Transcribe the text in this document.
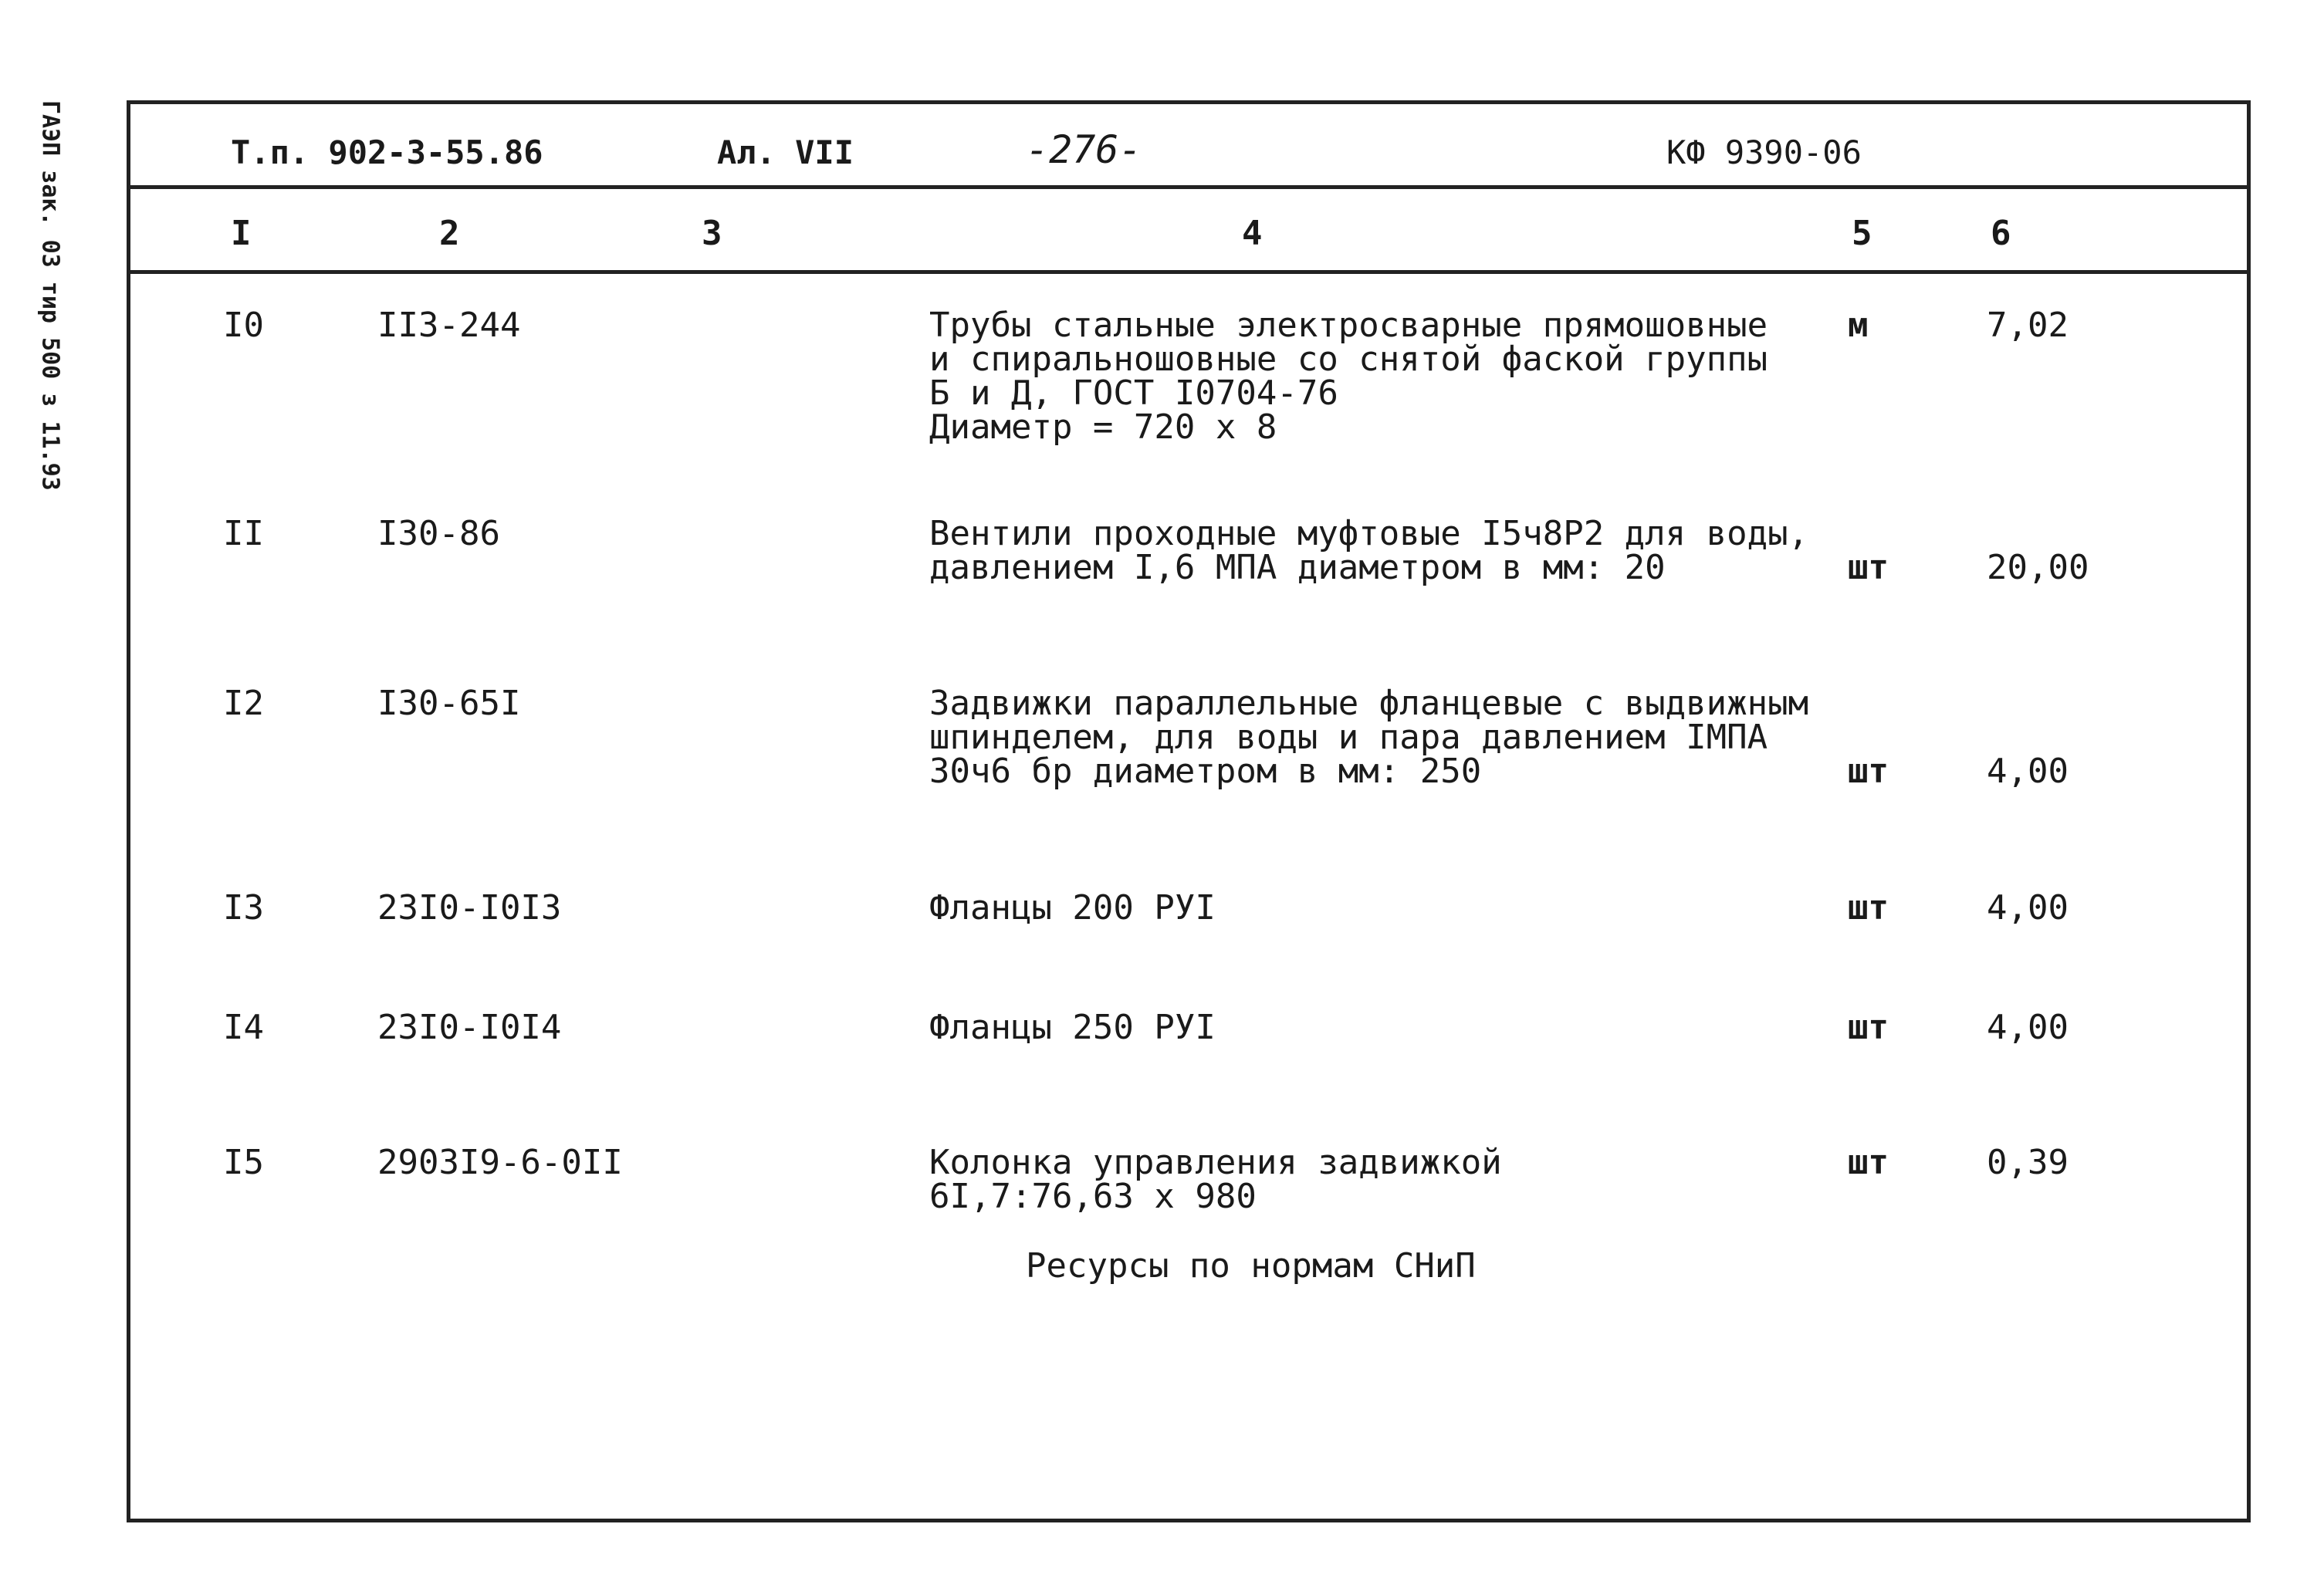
ГАЭП зак. 03 тир 500 з 11.93	Т.п. 902-3-55.86	Ал. VII	-276-	КФ 9390-06
I	2	3	4	5	6
I0	II3-244	Трубы стальные электросварные прямошовные
и спиральношовные со снятой фаской группы
Б и Д, ГОСТ I0704-76
Диаметр = 720 х 8
м	7,02
II	I30-86	Вентили проходные муфтовые I5ч8Р2 для воды,
давлением I,6 МПА диаметром в мм: 20	шт	20,00
I2	I30-65I	Задвижки параллельные фланцевые с выдвижным
шпинделем, для воды и пара давлением IМПА
30ч6 бр диаметром в мм: 250	шт	4,00
I3	23I0-I0I3	Фланцы 200 РУI	шт	4,00
I4	23I0-I0I4	Фланцы 250 РУI	шт	4,00
I5	2903I9-6-0II	Колонка управления задвижкой
6I,7:76,63 х 980
шт	0,39
Ресурсы по нормам СНиП
